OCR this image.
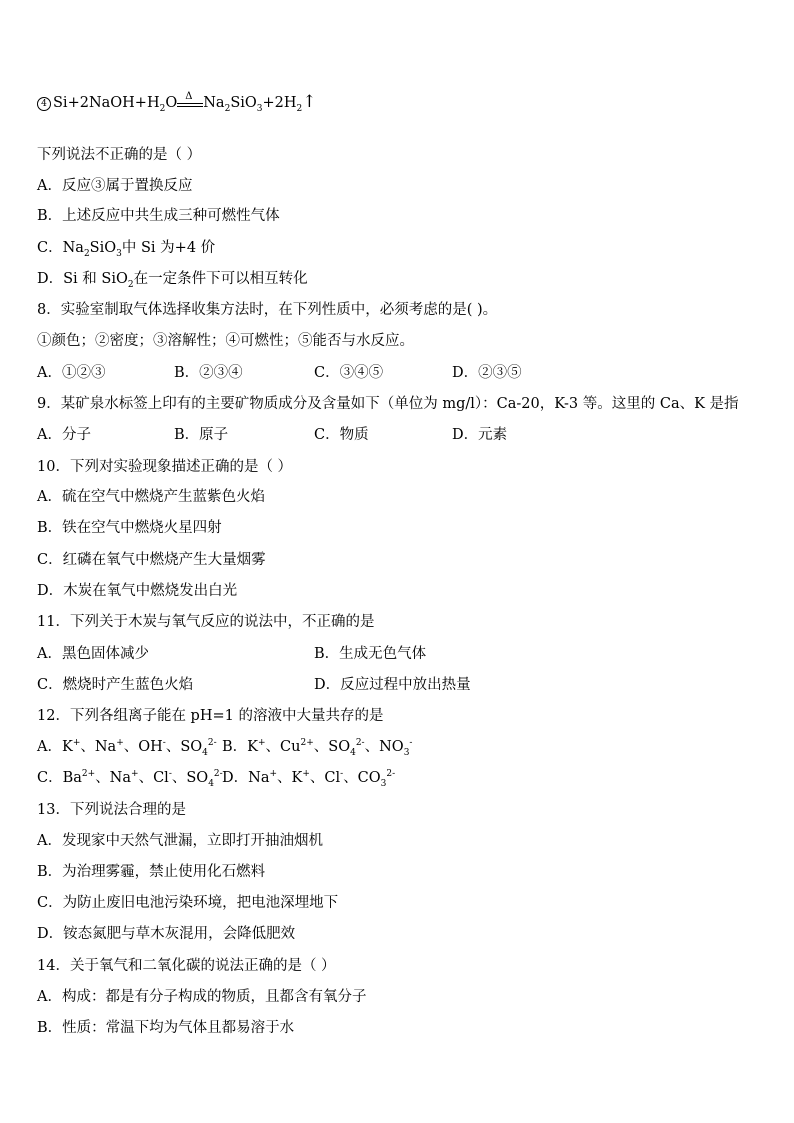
4 $Si+2NaOH+H_2O$ Δ $Na_2SiO_3+2H_2↑$
下列说法不正确的是（ ）
A．反应③属于置换反应
B．上述反应中共生成三种可燃性气体
C．$Na_2SiO_3$中 Si 为+4 价
D．Si 和 SiO$_2$在一定条件下可以相互转化
8．实验室制取气体选择收集方法时，在下列性质中，必须考虑的是( )。
①颜色；②密度；③溶解性；④可燃性；⑤能否与水反应。
A．①②③	B．②③④	C．③④⑤	D．②③⑤
9．某矿泉水标签上印有的主要矿物质成分及含量如下（单位为 mg/l）：Ca-20，K-3 等。这里的 Ca、K 是指
A．分子	B．原子	C．物质	D．元素
10．下列对实验现象描述正确的是（ ）
A．硫在空气中燃烧产生蓝紫色火焰
B．铁在空气中燃烧火星四射
C．红磷在氧气中燃烧产生大量烟雾
D．木炭在氧气中燃烧发出白光
11．下列关于木炭与氧气反应的说法中，不正确的是
A．黑色固体减少	B．生成无色气体
C．燃烧时产生蓝色火焰	D．反应过程中放出热量
12．下列各组离子能在 pH=1 的溶液中大量共存的是
A．K+、Na+、OH-、$SO_4^{2-}$ B．K+、$Cu^{2+}$、$SO_4^{2-}$、$NO_3^-$
C．$Ba^{2+}$、Na+、Cl-、$SO_4^{2-}$ D．Na+、K+、Cl-、$CO_3^{2-}$
13．下列说法合理的是
A．发现家中天然气泄漏，立即打开抽油烟机
B．为治理雾霾，禁止使用化石燃料
C．为防止废旧电池污染环境，把电池深埋地下
D．铵态氮肥与草木灰混用，会降低肥效
14．关于氧气和二氧化碳的说法正确的是（ ）
A．构成：都是有分子构成的物质，且都含有氧分子
B．性质：常温下均为气体且都易溶于水
